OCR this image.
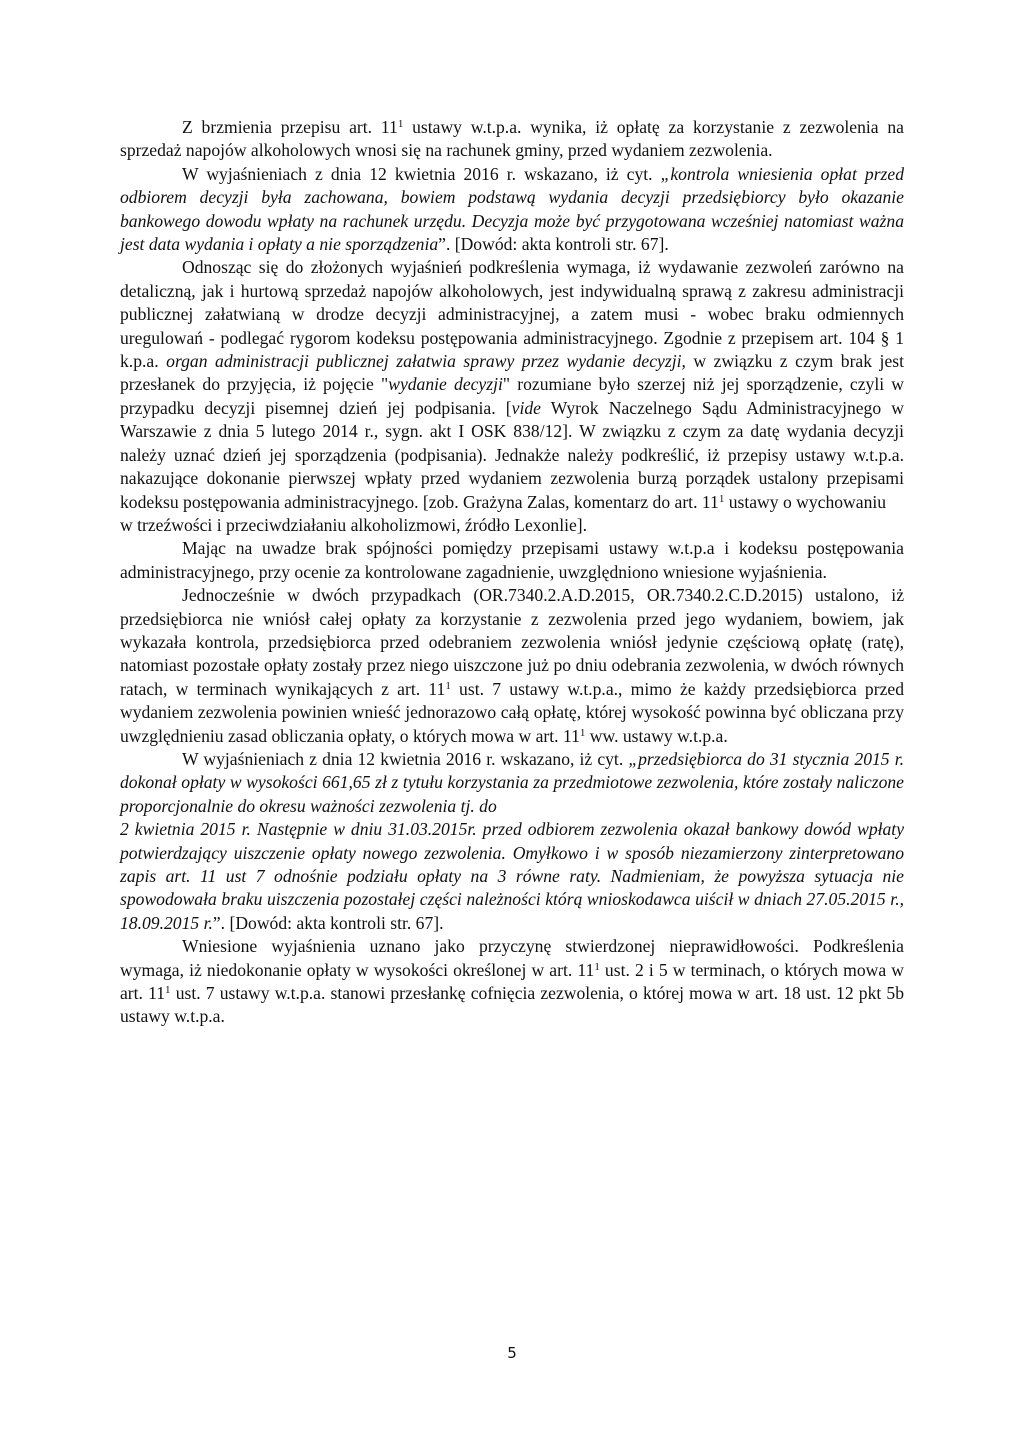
Z brzmienia przepisu art. $11^1$ ustawy w.t.p.a. wynika, iż opłatę za korzystanie z zezwolenia na sprzedaż napojów alkoholowych wnosi się na rachunek gminy, przed wydaniem zezwolenia.

W wyjaśnieniach z dnia 12 kwietnia 2016 r. wskazano, iż cyt. „kontrola wniesienia opłat przed odbiorem decyzji była zachowana, bowiem podstawą wydania decyzji przedsiębiorcy było okazanie bankowego dowodu wpłaty na rachunek urzędu. Decyzja może być przygotowana wcześniej natomiast ważna jest data wydania i opłaty a nie sporządzenia”. [Dowód: akta kontroli str. 67].

Odnosząc się do złożonych wyjaśnień podkreślenia wymaga, iż wydawanie zezwoleń zarówno na detaliczną, jak i hurtową sprzedaż napojów alkoholowych, jest indywidualną sprawą z zakresu administracji publicznej załatwianą w drodze decyzji administracyjnej, a zatem musi - wobec braku odmiennych uregulowań - podlegać rygorom kodeksu postępowania administracyjnego. Zgodnie z przepisem art. 104 § 1 k.p.a. organ administracji publicznej załatwia sprawy przez wydanie decyzji, w związku z czym brak jest przesłanek do przyjęcia, iż pojęcie "wydanie decyzji" rozumiane było szerzej niż jej sporządzenie, czyli w przypadku decyzji pisemnej dzień jej podpisania. [vide Wyrok Naczelnego Sądu Administracyjnego w Warszawie z dnia 5 lutego 2014 r., sygn. akt I OSK 838/12]. W związku z czym za datę wydania decyzji należy uznać dzień jej sporządzenia (podpisania). Jednakże należy podkreślić, iż przepisy ustawy w.t.p.a. nakazujące dokonanie pierwszej wpłaty przed wydaniem zezwolenia burzą porządek ustalony przepisami kodeksu postępowania administracyjnego. [zob. Grażyna Zalas, komentarz do art. $11^1$ ustawy o wychowaniu

w trzeźwości i przeciwdziałaniu alkoholizmowi, źródło Lexonlie].

Mając na uwadze brak spójności pomiędzy przepisami ustawy w.t.p.a i kodeksu postępowania administracyjnego, przy ocenie za kontrolowane zagadnienie, uwzględniono wniesione wyjaśnienia.

Jednocześnie w dwóch przypadkach (OR.7340.2.A.D.2015, OR.7340.2.C.D.2015) ustalono, iż przedsiębiorca nie wniósł całej opłaty za korzystanie z zezwolenia przed jego wydaniem, bowiem, jak wykazała kontrola, przedsiębiorca przed odebraniem zezwolenia wniósł jedynie częściową opłatę (ratę), natomiast pozostałe opłaty zostały przez niego uiszczone już po dniu odebrania zezwolenia, w dwóch równych ratach, w terminach wynikających z art. $11^1$ ust. 7 ustawy w.t.p.a., mimo że każdy przedsiębiorca przed wydaniem zezwolenia powinien wnieść jednorazowo całą opłatę, której wysokość powinna być obliczana przy uwzględnieniu zasad obliczania opłaty, o których mowa w art. $11^1$ ww. ustawy w.t.p.a.

W wyjaśnieniach z dnia 12 kwietnia 2016 r. wskazano, iż cyt. „przedsiębiorca do 31 stycznia 2015 r. dokonał opłaty w wysokości 661,65 zł z tytułu korzystania za przedmiotowe zezwolenia, które zostały naliczone proporcjonalnie do okresu ważności zezwolenia tj. do

2 kwietnia 2015 r. Następnie w dniu 31.03.2015r. przed odbiorem zezwolenia okazał bankowy dowód wpłaty potwierdzający uiszczenie opłaty nowego zezwolenia. Omyłkowo i w sposób niezamierzony zinterpretowano zapis art. 11 ust 7 odnośnie podziału opłaty na 3 równe raty. Nadmieniam, że powyższa sytuacja nie spowodowała braku uiszczenia pozostałej części należności którą wnioskodawca uiścił w dniach 27.05.2015 r., 18.09.2015 r.”. [Dowód: akta kontroli str. 67].

Wniesione wyjaśnienia uznano jako przyczynę stwierdzonej nieprawidłowości. Podkreślenia wymaga, iż niedokonanie opłaty w wysokości określonej w art. $11^1$ ust. 2 i 5 w terminach, o których mowa w art. $11^1$ ust. 7 ustawy w.t.p.a. stanowi przesłankę cofnięcia zezwolenia, o której mowa w art. 18 ust. 12 pkt 5b ustawy w.t.p.a.

5
